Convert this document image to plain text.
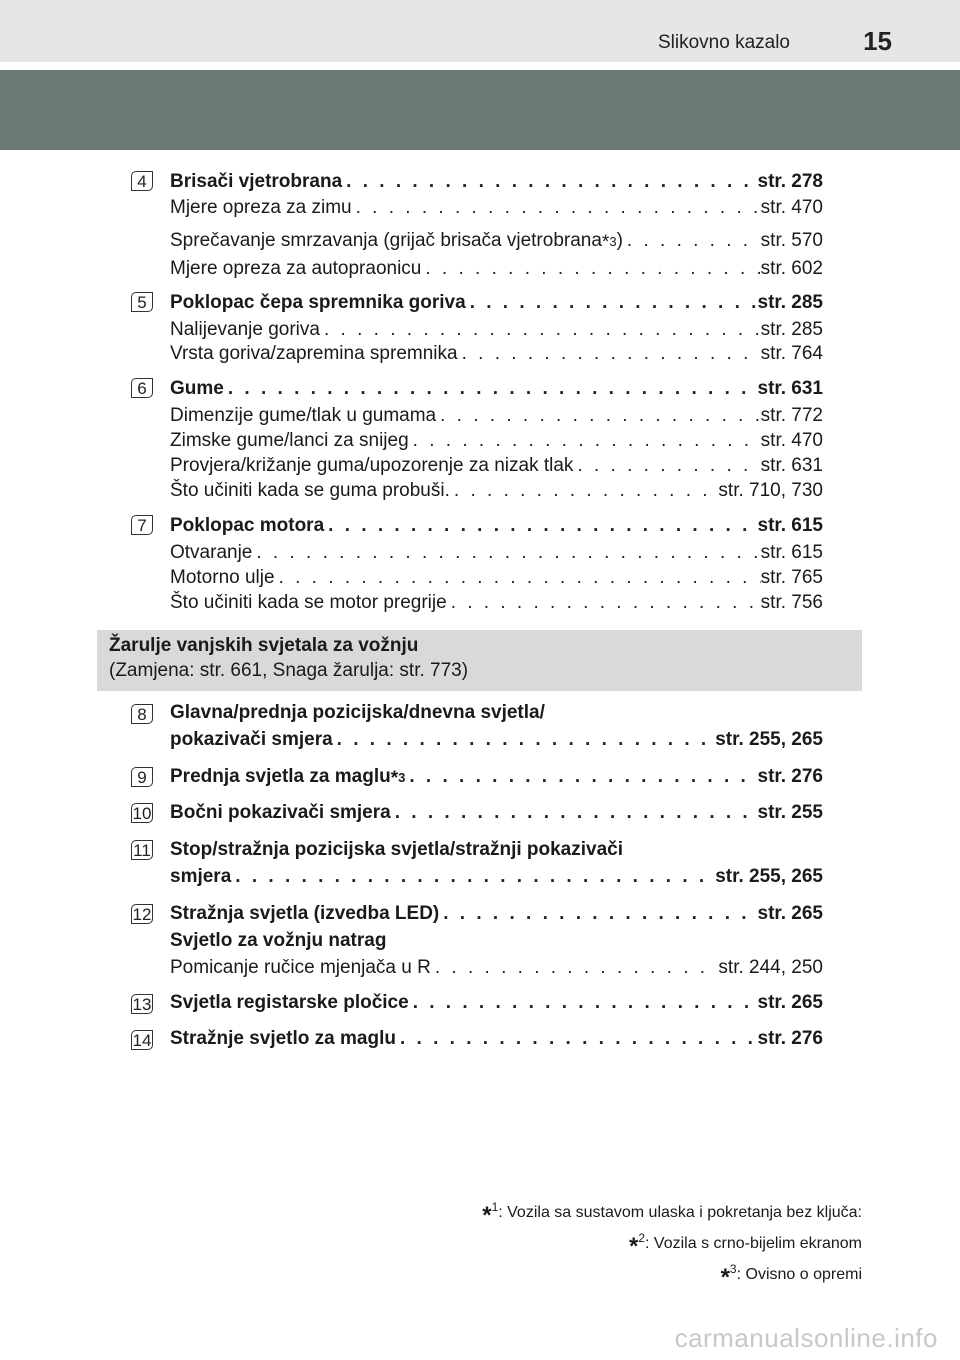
Slikovno kazalo	15
4	Brisači vjetrobrana . . .	str. 278
Mjere opreza za zimu . . .	str. 470
Sprečavanje smrzavanja (grijač brisača vjetrobrana *3 ) . . .	str. 570
Mjere opreza za autopraonicu . . .	str. 602
5	Poklopac čepa spremnika goriva . . .	str. 285
Nalijevanje goriva . . .	str. 285
Vrsta goriva/zapremina spremnika . . .	str. 764
6	Gume . . .	str. 631
Dimenzije gume/tlak u gumama . . .	str. 772
Zimske gume/lanci za snijeg . . .	str. 470
Provjera/križanje guma/upozorenje za nizak tlak . . .	str. 631
Što učiniti kada se guma probuši. . . .	str. 710, 730
7	Poklopac motora . . .	str. 615
Otvaranje . . .	str. 615
Motorno ulje . . .	str. 765
Što učiniti kada se motor pregrije . . .	str. 756
Žarulje vanjskih svjetala za vožnju
(Zamjena: str. 661, Snaga žarulja: str. 773)
8	Glavna/prednja pozicijska/dnevna svjetla/
pokazivači smjera . . .	str. 255, 265
9	Prednja svjetla za maglu *3 . . .	str. 276
10 Bočni pokazivači smjera . . .	str. 255
11 Stop/stražnja pozicijska svjetla/stražnji pokazivači
smjera . . .	str. 255, 265
12 Stražnja svjetla (izvedba LED) . . .	str. 265
Svjetlo za vožnju natrag
Pomicanje ručice mjenjača u R . . .	str. 244, 250
13 Svjetla registarske pločice . . .	str. 265
14 Stražnje svjetlo za maglu . . .	str. 276
*$^1$: Vozila sa sustavom ulaska i pokretanja bez ključa:
*$^2$: Vozila s crno-bijelim ekranom
*$^3$: Ovisno o opremi
carmanualsonline.info
